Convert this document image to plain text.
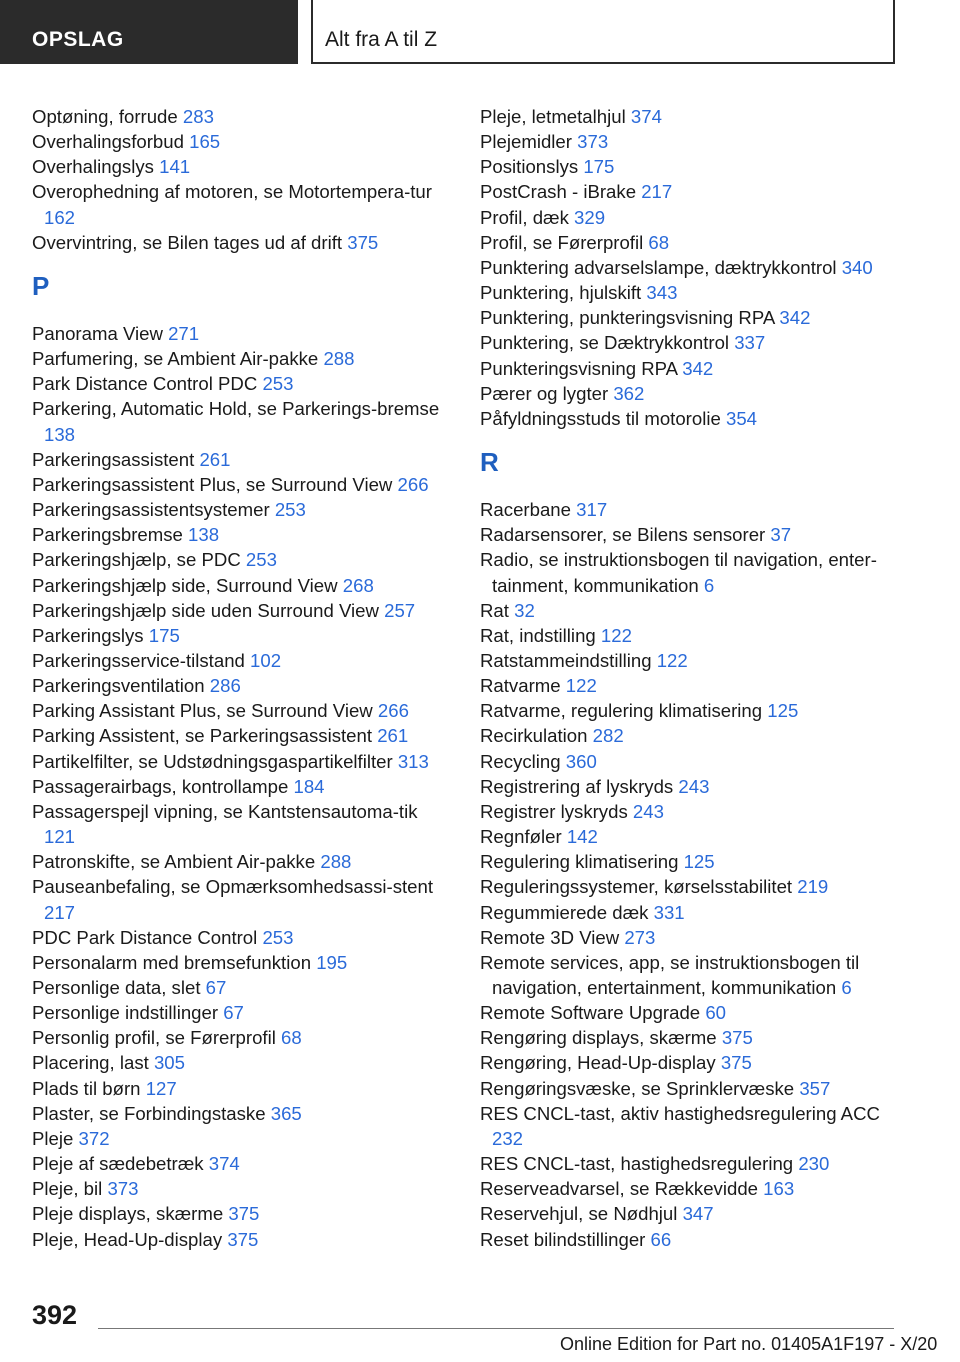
OPSLAG	Alt fra A til Z
Optøning, forrude 283
Overhalingsforbud 165
Overhalingslys 141
Overophedning af motoren, se Motortempera-tur 162
Overvintring, se Bilen tages ud af drift 375
P
Panorama View 271
Parfumering, se Ambient Air-pakke 288
Park Distance Control PDC 253
Parkering, Automatic Hold, se Parkerings-bremse 138
Parkeringsassistent 261
Parkeringsassistent Plus, se Surround View 266
Parkeringsassistentsystemer 253
Parkeringsbremse 138
Parkeringshjælp, se PDC 253
Parkeringshjælp side, Surround View 268
Parkeringshjælp side uden Surround View 257
Parkeringslys 175
Parkeringsservice-tilstand 102
Parkeringsventilation 286
Parking Assistant Plus, se Surround View 266
Parking Assistent, se Parkeringsassistent 261
Partikelfilter, se Udstødningsgaspartikelfilter 313
Passagerairbags, kontrollampe 184
Passagerspejl vipning, se Kantstensautoma-tik 121
Patronskifte, se Ambient Air-pakke 288
Pauseanbefaling, se Opmærksomhedsassi-stent 217
PDC Park Distance Control 253
Personalarm med bremsefunktion 195
Personlige data, slet 67
Personlige indstillinger 67
Personlig profil, se Førerprofil 68
Placering, last 305
Plads til børn 127
Plaster, se Forbindingstaske 365
Pleje 372
Pleje af sædebetræk 374
Pleje, bil 373
Pleje displays, skærme 375
Pleje, Head-Up-display 375
Pleje, letmetalhjul 374
Plejemidler 373
Positionslys 175
PostCrash - iBrake 217
Profil, dæk 329
Profil, se Førerprofil 68
Punktering advarselslampe, dæktrykkontrol 340
Punktering, hjulskift 343
Punktering, punkteringsvisning RPA 342
Punktering, se Dæktrykkontrol 337
Punkteringsvisning RPA 342
Pærer og lygter 362
Påfyldningsstuds til motorolie 354
R
Racerbane 317
Radarsensorer, se Bilens sensorer 37
Radio, se instruktionsbogen til navigation, enter-tainment, kommunikation 6
Rat 32
Rat, indstilling 122
Ratstammeindstilling 122
Ratvarme 122
Ratvarme, regulering klimatisering 125
Recirkulation 282
Recycling 360
Registrering af lyskryds 243
Registrer lyskryds 243
Regnføler 142
Regulering klimatisering 125
Reguleringssystemer, kørselsstabilitet 219
Regummierede dæk 331
Remote 3D View 273
Remote services, app, se instruktionsbogen til navigation, entertainment, kommunikation 6
Remote Software Upgrade 60
Rengøring displays, skærme 375
Rengøring, Head-Up-display 375
Rengøringsvæske, se Sprinklervæske 357
RES CNCL-tast, aktiv hastighedsregulering ACC 232
RES CNCL-tast, hastighedsregulering 230
Reserveadvarsel, se Rækkevidde 163
Reservehjul, se Nødhjul 347
Reset bilindstillinger 66
392
Online Edition for Part no. 01405A1F197 - X/20
